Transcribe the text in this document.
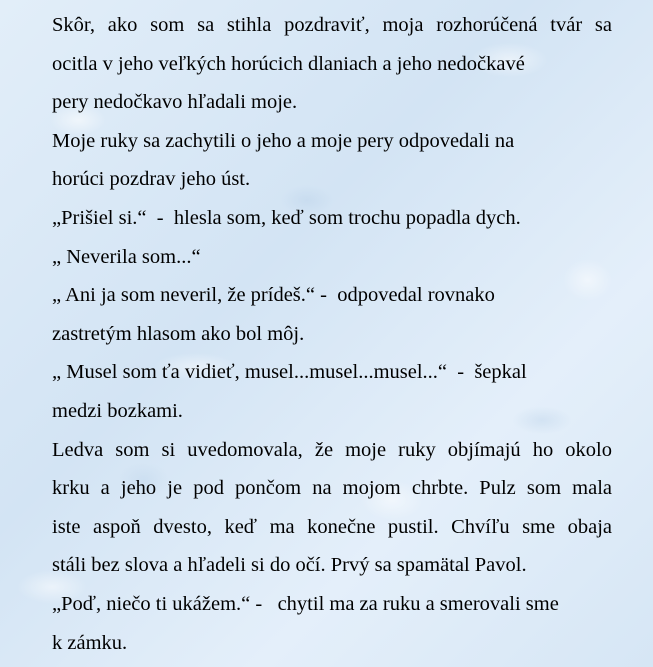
Skôr, ako som sa stihla pozdraviť, moja rozhorúčená tvár sa
ocitla v jeho veľkých horúcich dlaniach a jeho nedočkavé
pery nedočkavo hľadali moje.
Moje ruky sa zachytili o jeho a moje pery odpovedali na
horúci pozdrav jeho úst.
„Prišiel si.“  -  hlesla som, keď som trochu popadla dych.
„ Neverila som...“
„ Ani ja som neveril, že prídeš.“ -  odpovedal rovnako
zastretým hlasom ako bol môj.
„ Musel som ťa vidieť, musel...musel...musel...“  -  šepkal
medzi bozkami.
Ledva som si uvedomovala, že moje ruky objímajú ho okolo
krku a jeho je pod pončom na mojom chrbte. Pulz som mala
iste aspoň dvesto, keď ma konečne pustil. Chvíľu sme obaja
stáli bez slova a hľadeli si do očí. Prvý sa spamätal Pavol.
„Poď, niečo ti ukážem.“ -   chytil ma za ruku a smerovali sme
k zámku.
